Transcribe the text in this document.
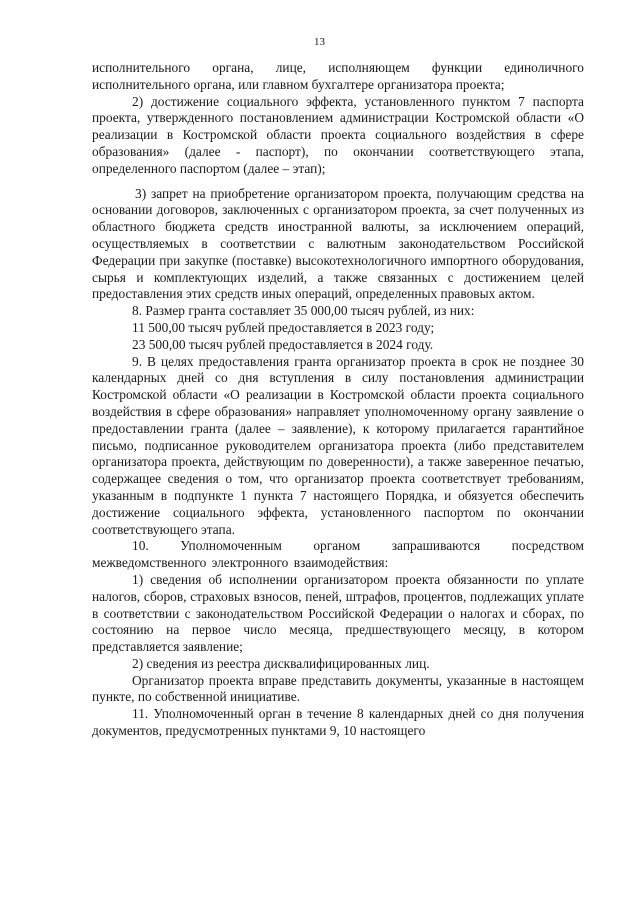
13

исполнительного органа, лице, исполняющем функции единоличного исполнительного органа, или главном бухгалтере организатора проекта;

2) достижение социального эффекта, установленного пунктом 7 паспорта проекта, утвержденного постановлением администрации Костромской области «О реализации в Костромской области проекта социального воздействия в сфере образования» (далее - паспорт), по окончании соответствующего этапа, определенного паспортом (далее – этап);

3) запрет на приобретение организатором проекта, получающим средства на основании договоров, заключенных с организатором проекта, за счет полученных из областного бюджета средств иностранной валюты, за исключением операций, осуществляемых в соответствии с валютным законодательством Российской Федерации при закупке (поставке) высокотехнологичного импортного оборудования, сырья и комплектующих изделий, а также связанных с достижением целей предоставления этих средств иных операций, определенных правовых актом.

8. Размер гранта составляет 35 000,00 тысяч рублей, из них:

11 500,00 тысяч рублей предоставляется в 2023 году;

23 500,00 тысяч рублей предоставляется в 2024 году.

9. В целях предоставления гранта организатор проекта в срок не позднее 30 календарных дней со дня вступления в силу постановления администрации Костромской области «О реализации в Костромской области проекта социального воздействия в сфере образования» направляет уполномоченному органу заявление о предоставлении гранта (далее – заявление), к которому прилагается гарантийное письмо, подписанное руководителем организатора проекта (либо представителем организатора проекта, действующим по доверенности), а также заверенное печатью, содержащее сведения о том, что организатор проекта соответствует требованиям, указанным в подпункте 1 пункта 7 настоящего Порядка, и обязуется обеспечить достижение социального эффекта, установленного паспортом по окончании соответствующего этапа.

10. Уполномоченным органом запрашиваются посредством межведомственного электронного взаимодействия:

1) сведения об исполнении организатором проекта обязанности по уплате налогов, сборов, страховых взносов, пеней, штрафов, процентов, подлежащих уплате в соответствии с законодательством Российской Федерации о налогах и сборах, по состоянию на первое число месяца, предшествующего месяцу, в котором представляется заявление;

2) сведения из реестра дисквалифицированных лиц.

Организатор проекта вправе представить документы, указанные в настоящем пункте, по собственной инициативе.

11. Уполномоченный орган в течение 8 календарных дней со дня получения документов, предусмотренных пунктами 9, 10 настоящего
